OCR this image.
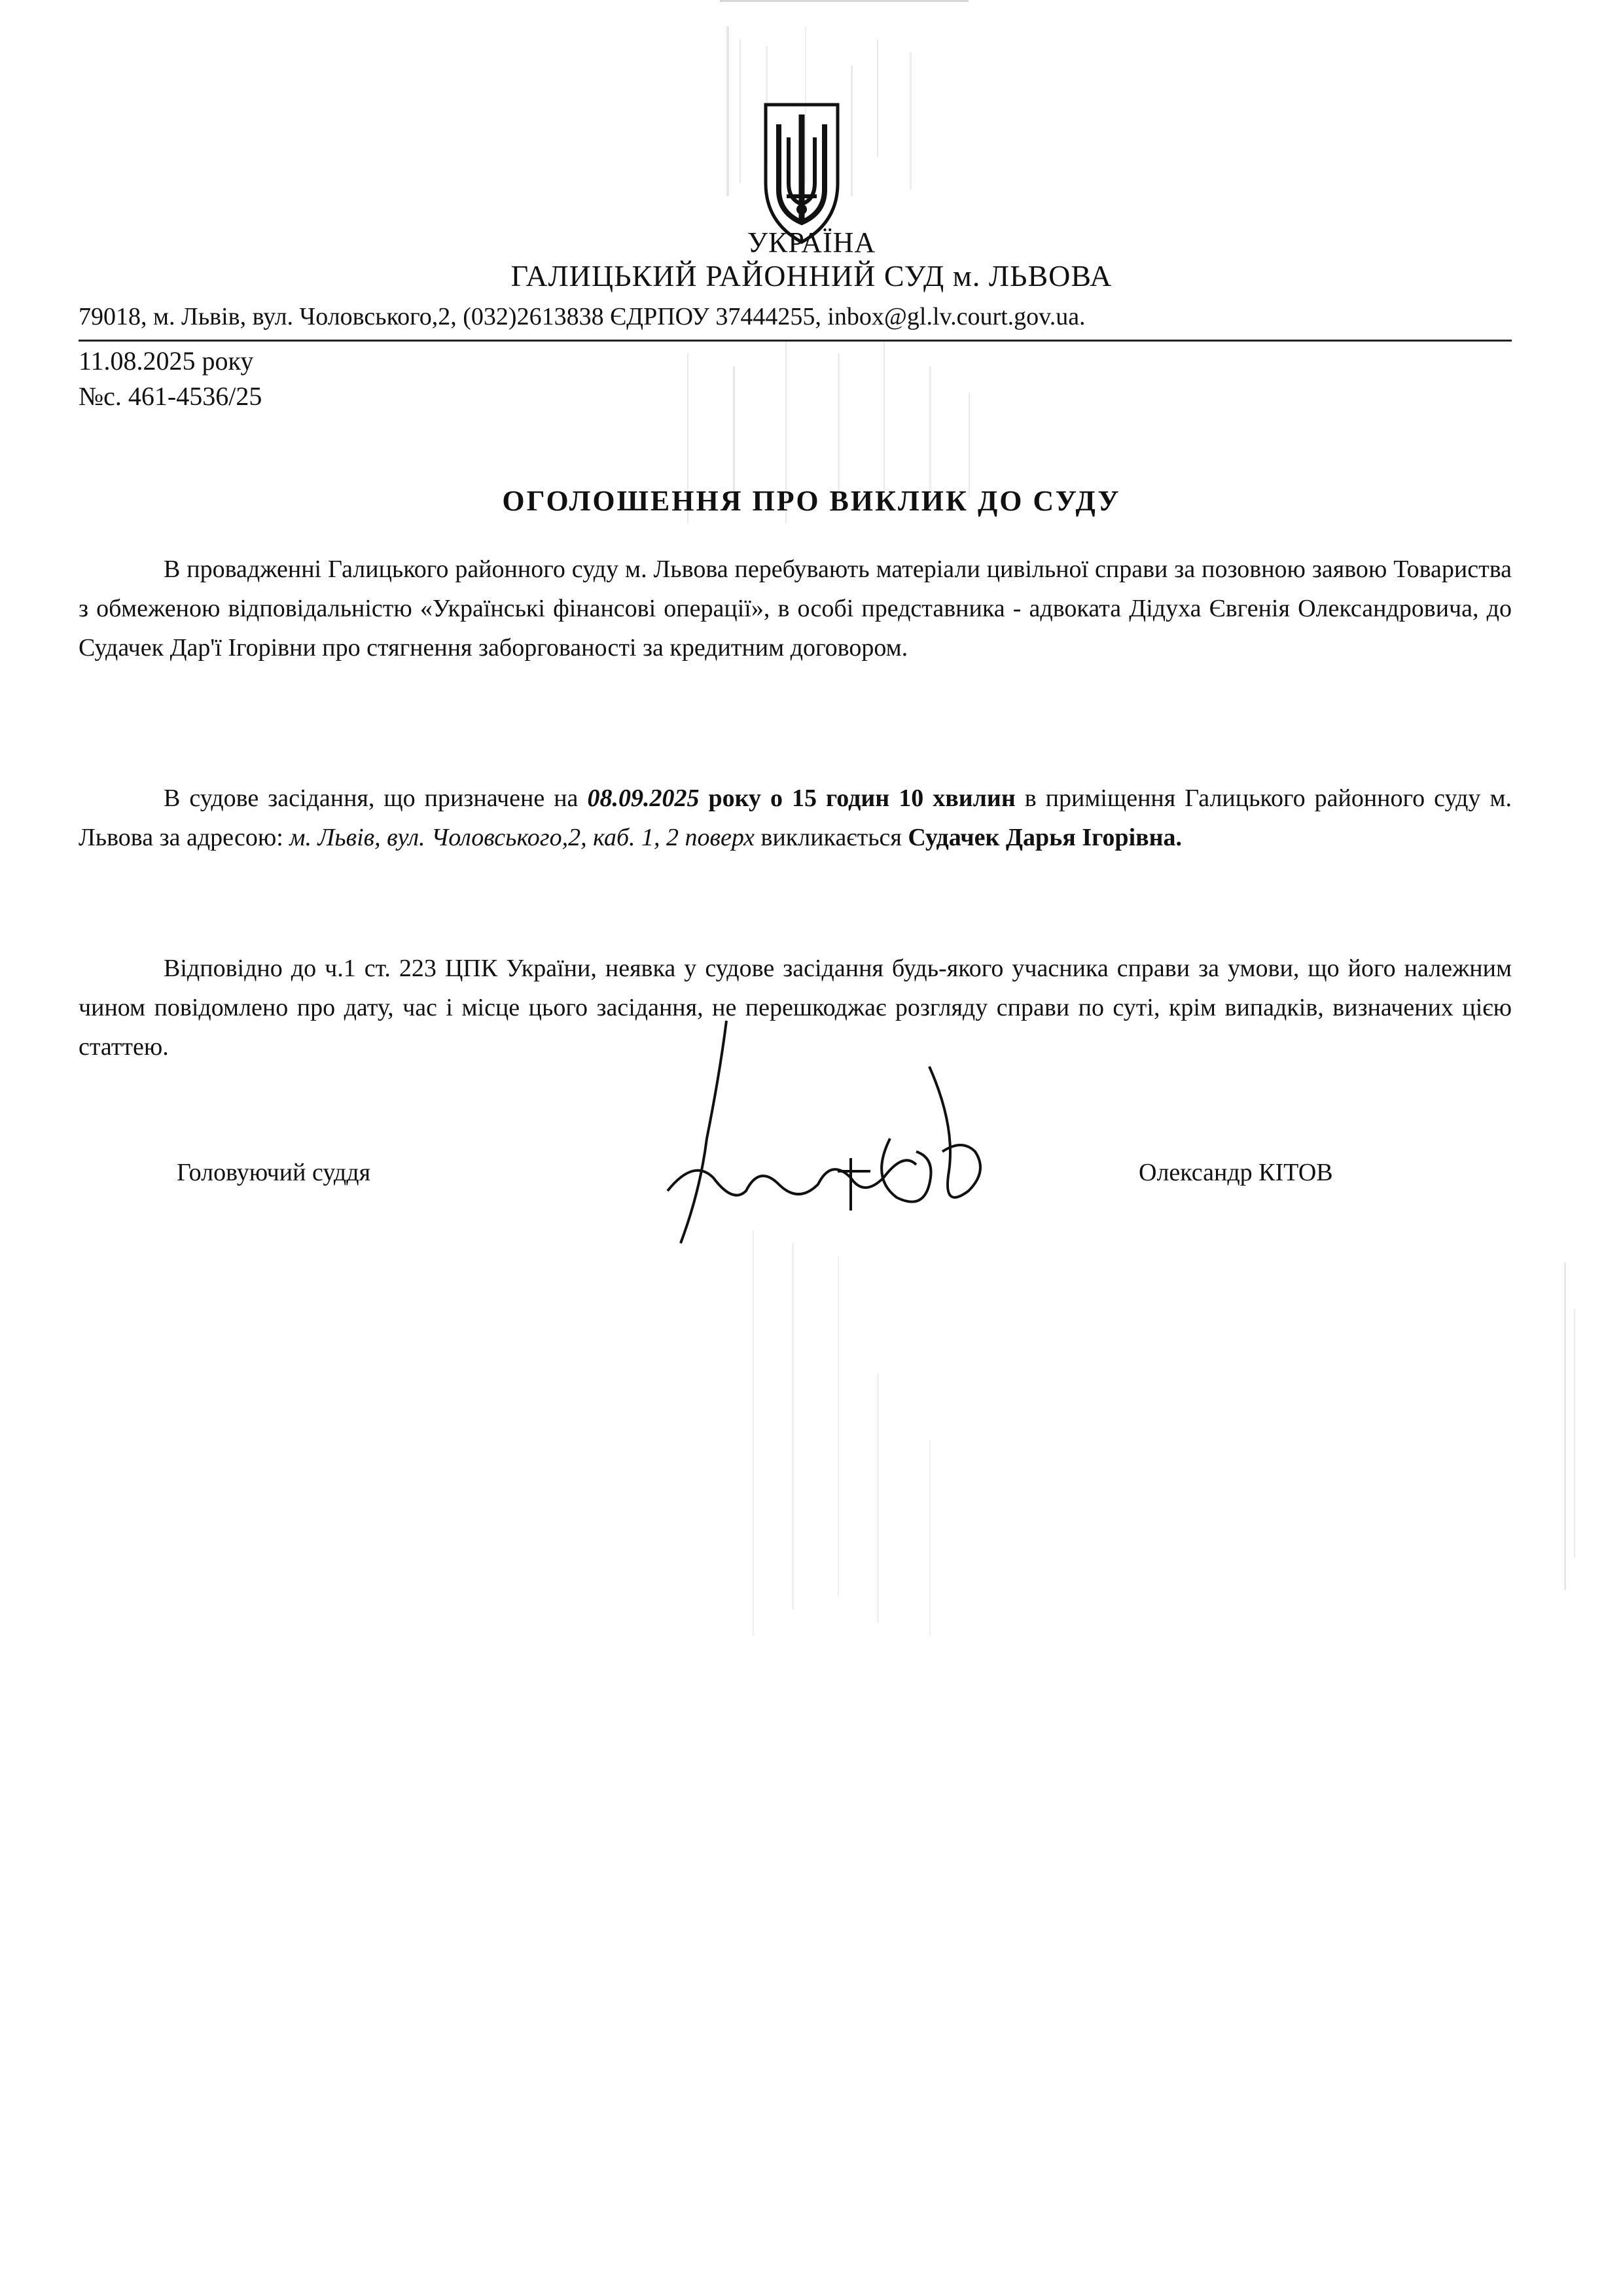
УКРАЇНА
ГАЛИЦЬКИЙ РАЙОННИЙ СУД м. ЛЬВОВА
79018, м. Львів, вул. Чоловського,2, (032)2613838 ЄДРПОУ 37444255, inbox@gl.lv.court.gov.ua.
11.08.2025 року
№с. 461-4536/25
ОГОЛОШЕННЯ ПРО ВИКЛИК ДО СУДУ
В провадженні Галицького районного суду м. Львова перебувають матеріали цивільної справи за позовною заявою Товариства з обмеженою відповідальністю «Українські фінансові операції», в особі представника - адвоката Дідуха Євгенія Олександровича, до Судачек Дар'ї Ігорівни про стягнення заборгованості за кредитним договором.
В судове засідання, що призначене на 08.09.2025 року о 15 годин 10 хвилин в приміщення Галицького районного суду м. Львова за адресою: м. Львів, вул. Чоловського,2, каб. 1, 2 поверх викликається Судачек Дарья Ігорівна.
Відповідно до ч.1 ст. 223 ЦПК України, неявка у судове засідання будь-якого учасника справи за умови, що його належним чином повідомлено про дату, час і місце цього засідання, не перешкоджає розгляду справи по суті, крім випадків, визначених цією статтею.
Головуючий суддя	Олександр КІТОВ
